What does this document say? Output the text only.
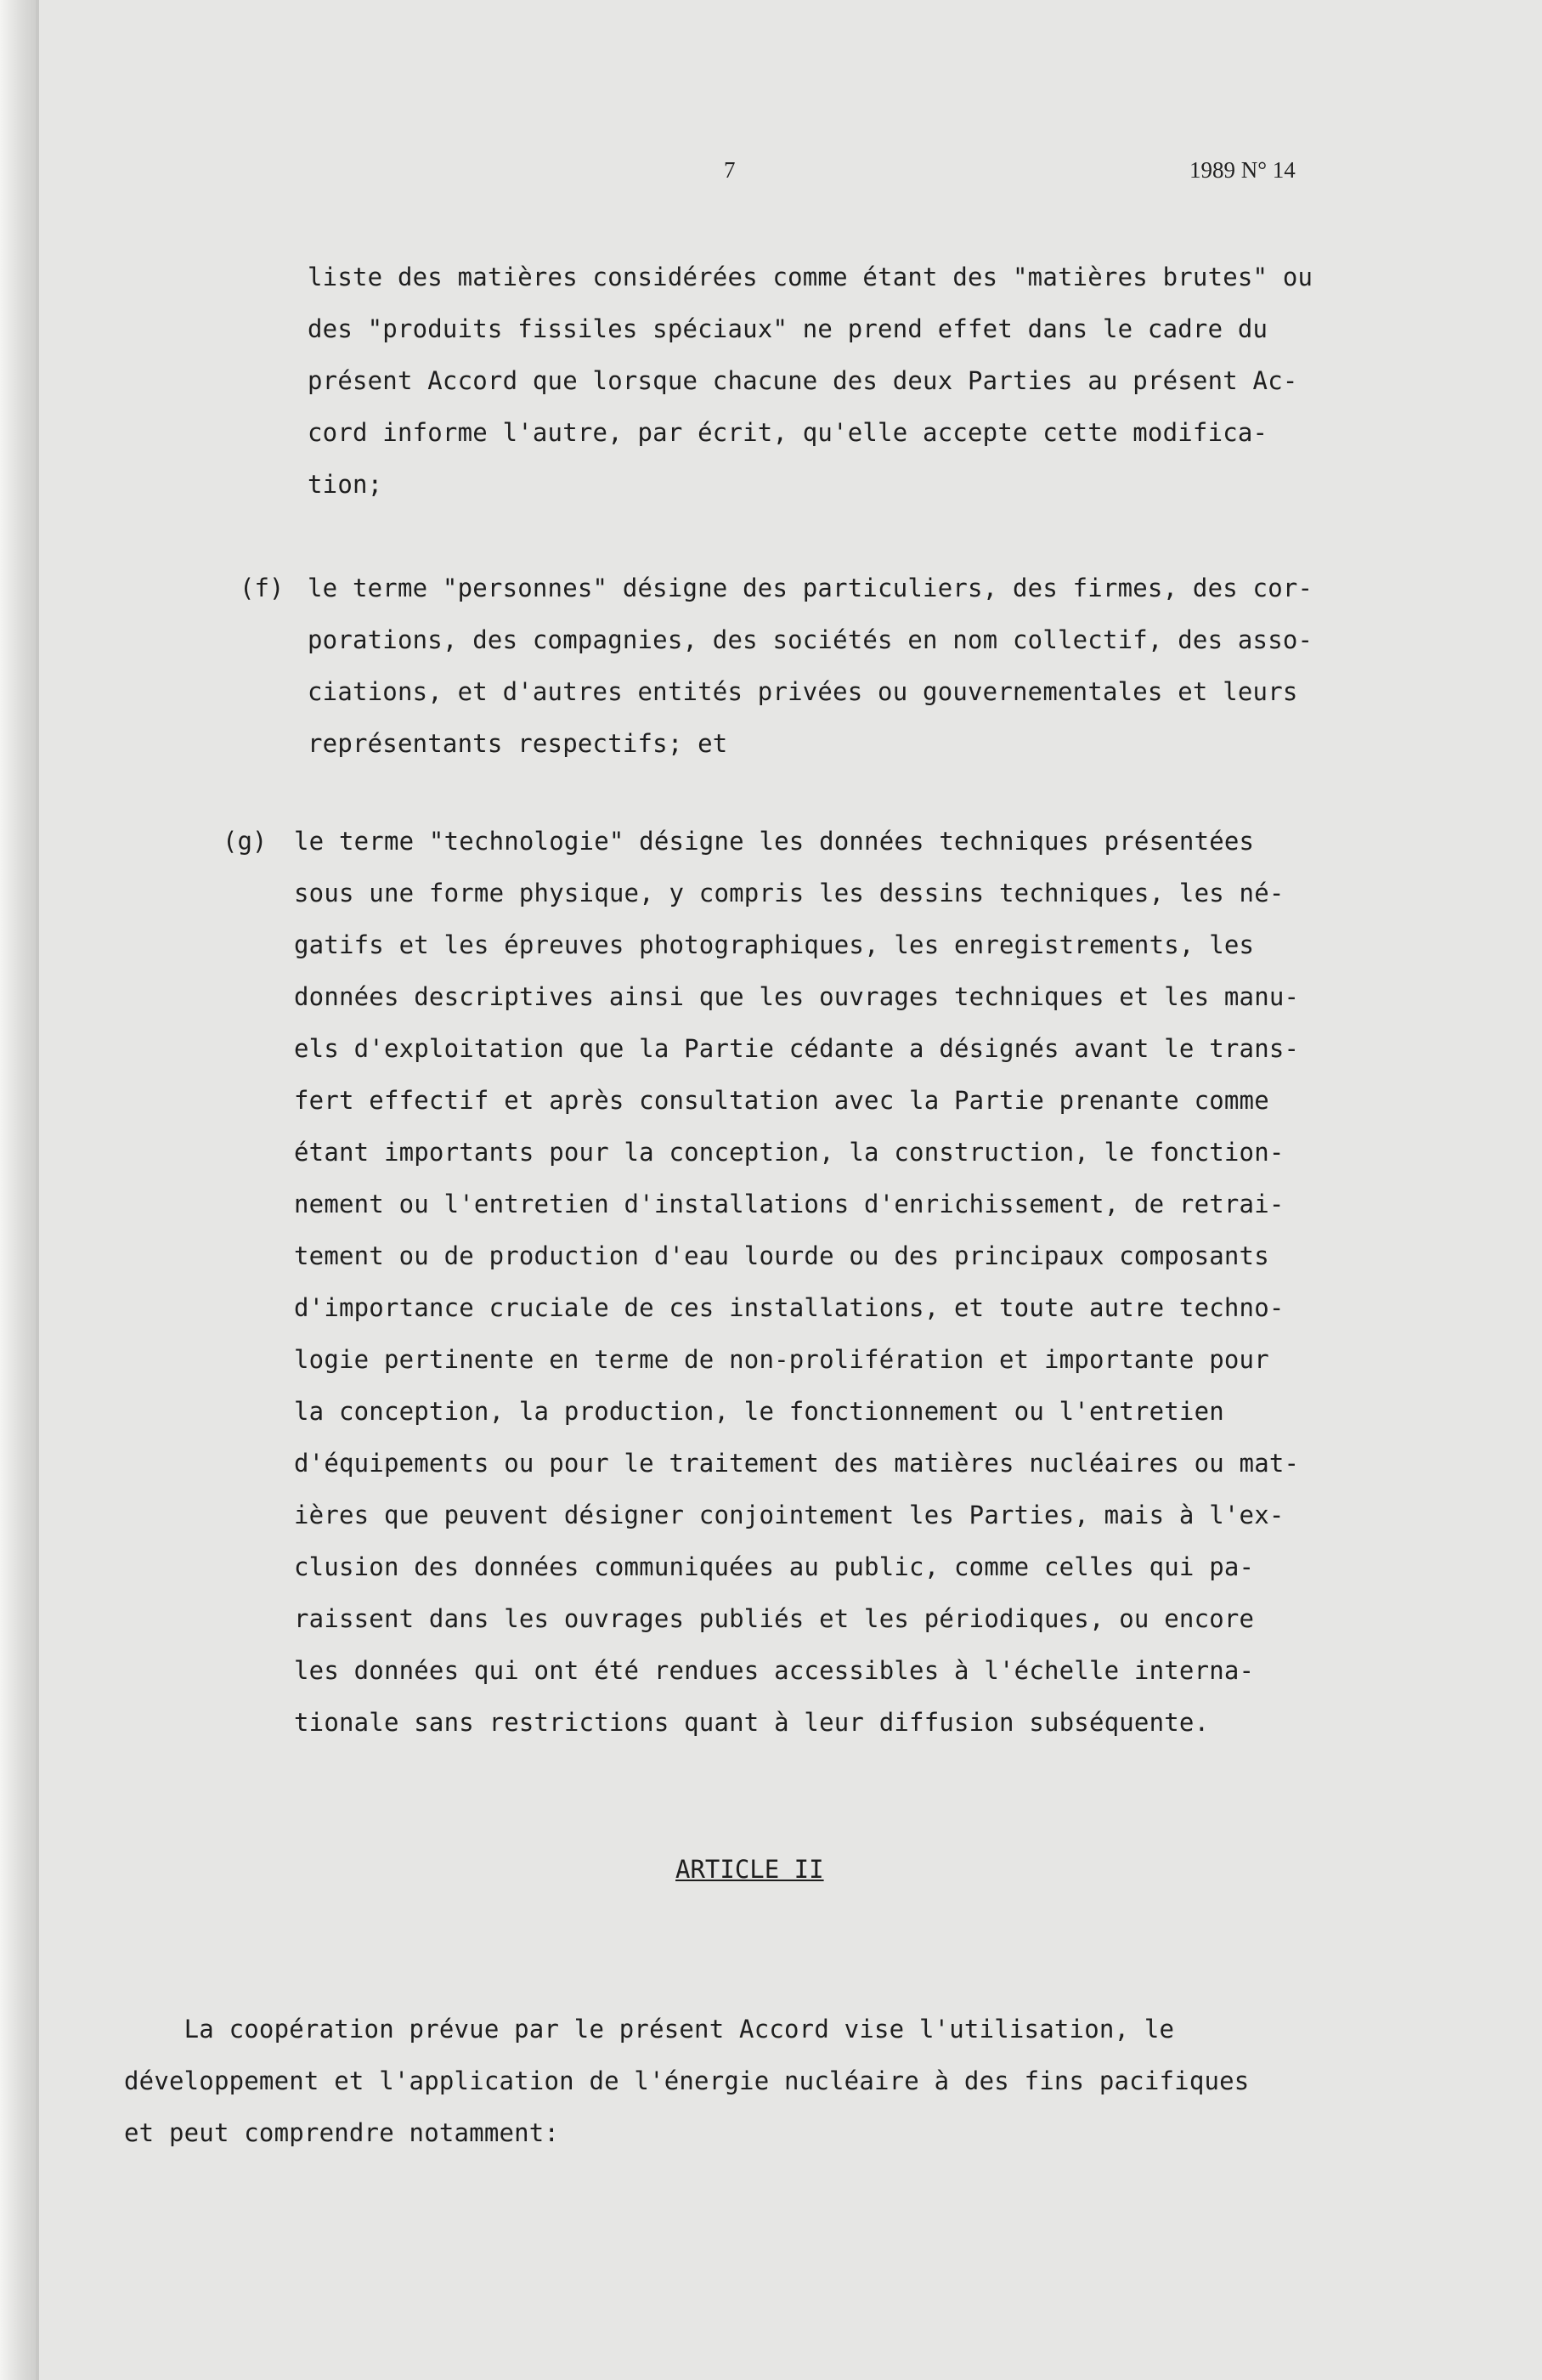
7	1989 N° 14
liste des matières considérées comme étant des "matières brutes" ou
des "produits fissiles spéciaux" ne prend effet dans le cadre du
présent Accord que lorsque chacune des deux Parties au présent Ac-
cord informe l'autre, par écrit, qu'elle accepte cette modifica-
tion;
(f) le terme "personnes" désigne des particuliers, des firmes, des cor-
porations, des compagnies, des sociétés en nom collectif, des asso-
ciations, et d'autres entités privées ou gouvernementales et leurs
représentants respectifs; et
(g) le terme "technologie" désigne les données techniques présentées
sous une forme physique, y compris les dessins techniques, les né-
gatifs et les épreuves photographiques, les enregistrements, les
données descriptives ainsi que les ouvrages techniques et les manu-
els d'exploitation que la Partie cédante a désignés avant le trans-
fert effectif et après consultation avec la Partie prenante comme
étant importants pour la conception, la construction, le fonction-
nement ou l'entretien d'installations d'enrichissement, de retrai-
tement ou de production d'eau lourde ou des principaux composants
d'importance cruciale de ces installations, et toute autre techno-
logie pertinente en terme de non-prolifération et importante pour
la conception, la production, le fonctionnement ou l'entretien
d'équipements ou pour le traitement des matières nucléaires ou mat-
ières que peuvent désigner conjointement les Parties, mais à l'ex-
clusion des données communiquées au public, comme celles qui pa-
raissent dans les ouvrages publiés et les périodiques, ou encore
les données qui ont été rendues accessibles à l'échelle interna-
tionale sans restrictions quant à leur diffusion subséquente.
ARTICLE II
La coopération prévue par le présent Accord vise l'utilisation, le
développement et l'application de l'énergie nucléaire à des fins pacifiques
et peut comprendre notamment:
